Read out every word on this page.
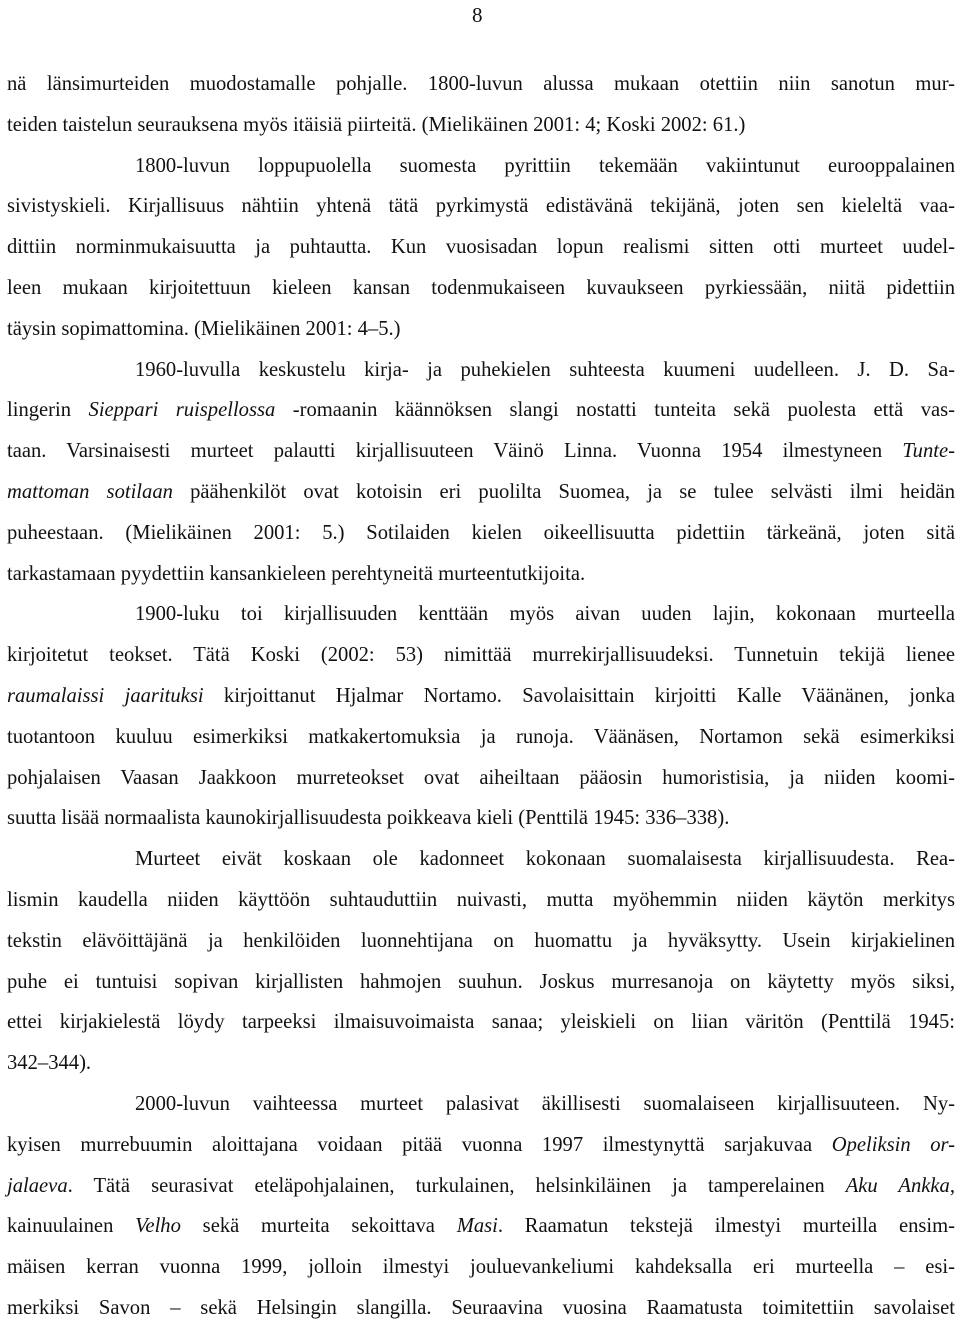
8
nä länsimurteiden muodostamalle pohjalle. 1800-luvun alussa mukaan otettiin niin sanotun mur-
teiden taistelun seurauksena myös itäisiä piirteitä. (Mielikäinen 2001: 4; Koski 2002: 61.)
1800-luvun loppupuolella suomesta pyrittiin tekemään vakiintunut eurooppalainen
sivistyskieli. Kirjallisuus nähtiin yhtenä tätä pyrkimystä edistävänä tekijänä, joten sen kieleltä vaa-
dittiin norminmukaisuutta ja puhtautta. Kun vuosisadan lopun realismi sitten otti murteet uudel-
leen mukaan kirjoitettuun kieleen kansan todenmukaiseen kuvaukseen pyrkiessään, niitä pidettiin
täysin sopimattomina. (Mielikäinen 2001: 4–5.)
1960-luvulla keskustelu kirja- ja puhekielen suhteesta kuumeni uudelleen. J. D. Sa-
lingerin Sieppari ruispellossa -romaanin käännöksen slangi nostatti tunteita sekä puolesta että vas-
taan. Varsinaisesti murteet palautti kirjallisuuteen Väinö Linna. Vuonna 1954 ilmestyneen Tunte-
mattoman sotilaan päähenkilöt ovat kotoisin eri puolilta Suomea, ja se tulee selvästi ilmi heidän
puheestaan. (Mielikäinen 2001: 5.) Sotilaiden kielen oikeellisuutta pidettiin tärkeänä, joten sitä
tarkastamaan pyydettiin kansankieleen perehtyneitä murteentutkijoita.
1900-luku toi kirjallisuuden kenttään myös aivan uuden lajin, kokonaan murteella
kirjoitetut teokset. Tätä Koski (2002: 53) nimittää murrekirjallisuudeksi. Tunnetuin tekijä lienee
raumalaissi jaarituksi kirjoittanut Hjalmar Nortamo. Savolaisittain kirjoitti Kalle Väänänen, jonka
tuotantoon kuuluu esimerkiksi matkakertomuksia ja runoja. Väänäsen, Nortamon sekä esimerkiksi
pohjalaisen Vaasan Jaakkoon murreteokset ovat aiheiltaan pääosin humoristisia, ja niiden koomi-
suutta lisää normaalista kaunokirjallisuudesta poikkeava kieli (Penttilä 1945: 336–338).
Murteet eivät koskaan ole kadonneet kokonaan suomalaisesta kirjallisuudesta. Rea-
lismin kaudella niiden käyttöön suhtauduttiin nuivasti, mutta myöhemmin niiden käytön merkitys
tekstin elävöittäjänä ja henkilöiden luonnehtijana on huomattu ja hyväksytty. Usein kirjakielinen
puhe ei tuntuisi sopivan kirjallisten hahmojen suuhun. Joskus murresanoja on käytetty myös siksi,
ettei kirjakielestä löydy tarpeeksi ilmaisuvoimaista sanaa; yleiskieli on liian väritön (Penttilä 1945:
342–344).
2000-luvun vaihteessa murteet palasivat äkillisesti suomalaiseen kirjallisuuteen. Ny-
kyisen murrebuumin aloittajana voidaan pitää vuonna 1997 ilmestynyttä sarjakuvaa Opeliksin or-
jalaeva. Tätä seurasivat eteläpohjalainen, turkulainen, helsinkiläinen ja tamperelainen Aku Ankka,
kainuulainen Velho sekä murteita sekoittava Masi. Raamatun tekstejä ilmestyi murteilla ensim-
mäisen kerran vuonna 1999, jolloin ilmestyi jouluevankeliumi kahdeksalla eri murteella – esi-
merkiksi Savon – sekä Helsingin slangilla. Seuraavina vuosina Raamatusta toimitettiin savolaiset
